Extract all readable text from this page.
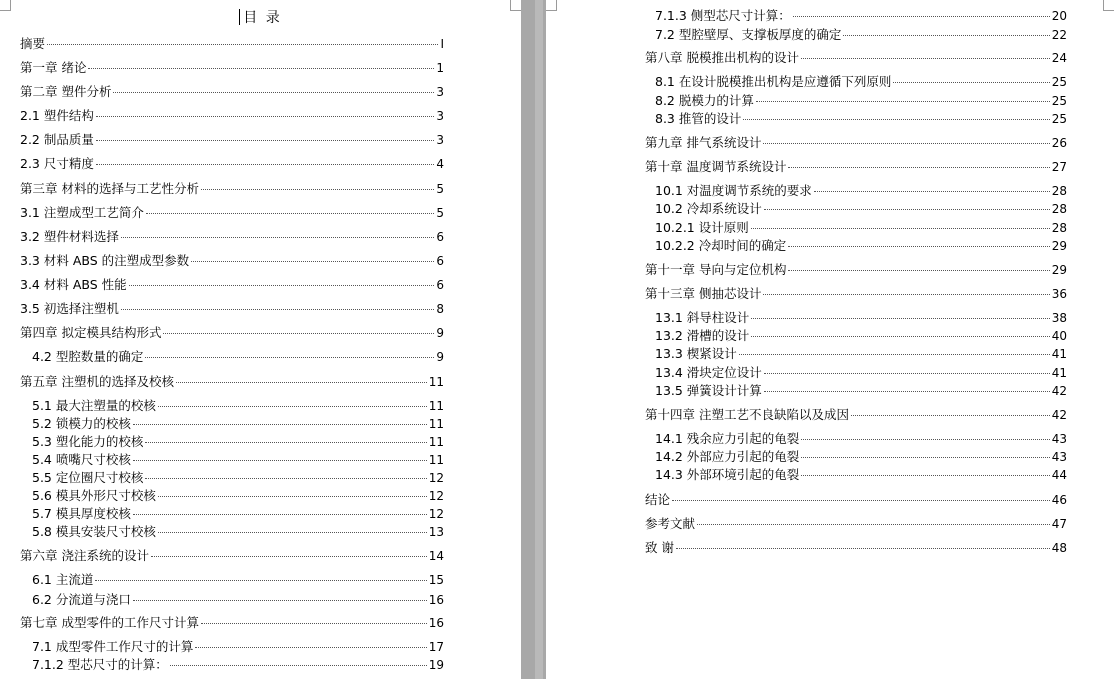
目 录
摘要	I
第一章 绪论	1
第二章 塑件分析	3
2.1 塑件结构	3
2.2 制品质量	3
2.3 尺寸精度	4
第三章 材料的选择与工艺性分析	5
3.1 注塑成型工艺简介	5
3.2 塑件材料选择	6
3.3 材料 ABS 的注塑成型参数	6
3.4 材料 ABS 性能	6
3.5 初选择注塑机	8
第四章 拟定模具结构形式	9
4.2 型腔数量的确定	9
第五章 注塑机的选择及校核	11
5.1 最大注塑量的校核	11
5.2 锁模力的校核	11
5.3 塑化能力的校核	11
5.4 喷嘴尺寸校核	11
5.5 定位圈尺寸校核	12
5.6 模具外形尺寸校核	12
5.7 模具厚度校核	12
5.8 模具安装尺寸校核	13
第六章 浇注系统的设计	14
6.1 主流道	15
6.2 分流道与浇口	16
第七章 成型零件的工作尺寸计算	16
7.1 成型零件工作尺寸的计算	17
7.1.2 型芯尺寸的计算：	19
7.1.3 侧型芯尺寸计算：	20
7.2 型腔壁厚、支撑板厚度的确定	22
第八章 脱模推出机构的设计	24
8.1 在设计脱模推出机构是应遵循下列原则	25
8.2 脱模力的计算	25
8.3 推管的设计	25
第九章 排气系统设计	26
第十章 温度调节系统设计	27
10.1 对温度调节系统的要求	28
10.2 冷却系统设计	28
10.2.1 设计原则	28
10.2.2 冷却时间的确定	29
第十一章 导向与定位机构	29
第十三章 侧抽芯设计	36
13.1 斜导柱设计	38
13.2 滑槽的设计	40
13.3 楔紧设计	41
13.4 滑块定位设计	41
13.5 弹簧设计计算	42
第十四章 注塑工艺不良缺陷以及成因	42
14.1 残余应力引起的龟裂	43
14.2 外部应力引起的龟裂	43
14.3 外部环境引起的龟裂	44
结论	46
参考文献	47
致 谢	48
